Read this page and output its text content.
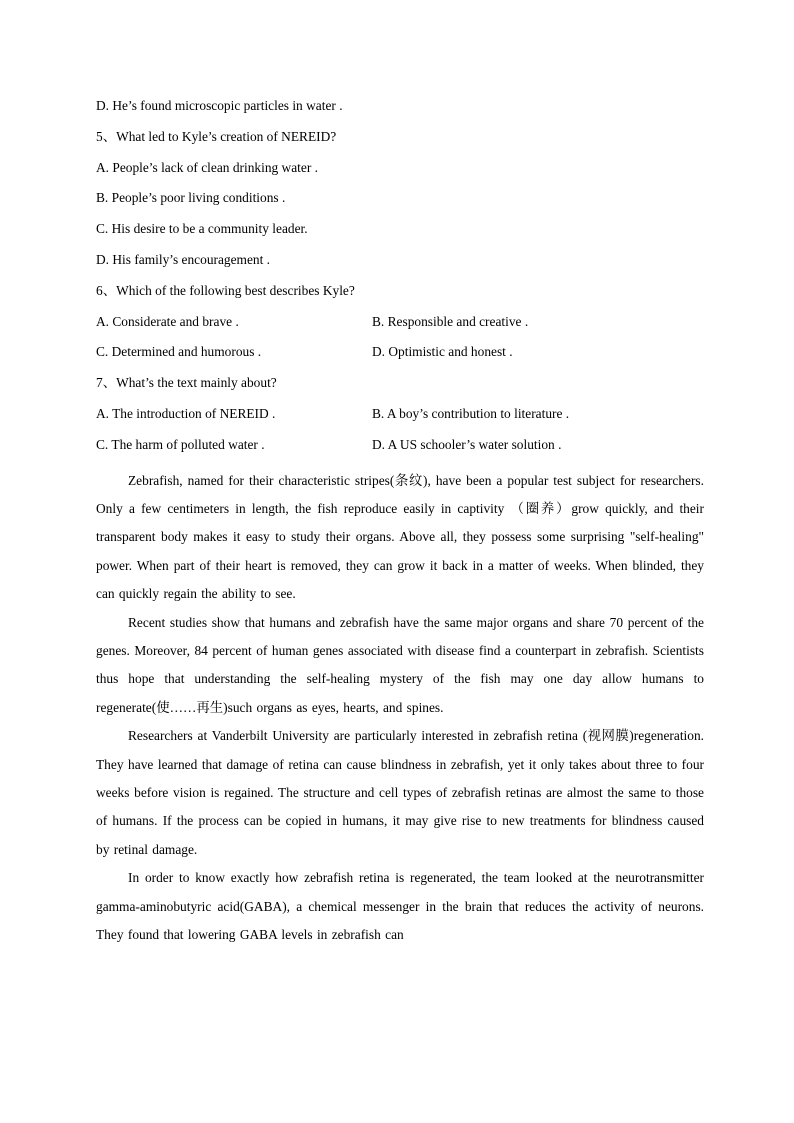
D. He’s found microscopic particles in water .
5、What led to Kyle’s creation of NEREID?
A. People’s lack of clean drinking water .
B. People’s poor living conditions .
C. His desire to be a community leader.
D. His family’s encouragement .
6、Which of the following best describes Kyle?
A. Considerate and brave .	B. Responsible and creative .
C. Determined and humorous .	D. Optimistic and honest .
7、What’s the text mainly about?
A. The introduction of NEREID .	B. A boy’s contribution to literature .
C. The harm of polluted water .	D. A US schooler’s water solution .

Zebrafish, named for their characteristic stripes(条纹), have been a popular test subject for researchers. Only a few centimeters in length, the fish reproduce easily in captivity （圈养）grow quickly, and their transparent body makes it easy to study their organs. Above all, they possess some surprising "self-healing" power. When part of their heart is removed, they can grow it back in a matter of weeks. When blinded, they can quickly regain the ability to see.

Recent studies show that humans and zebrafish have the same major organs and share 70 percent of the genes. Moreover, 84 percent of human genes associated with disease find a counterpart in zebrafish. Scientists thus hope that understanding the self-healing mystery of the fish may one day allow humans to regenerate(使……再生)such organs as eyes, hearts, and spines.

Researchers at Vanderbilt University are particularly interested in zebrafish retina (视网膜)regeneration. They have learned that damage of retina can cause blindness in zebrafish, yet it only takes about three to four weeks before vision is regained. The structure and cell types of zebrafish retinas are almost the same to those of humans. If the process can be copied in humans, it may give rise to new treatments for blindness caused by retinal damage.

In order to know exactly how zebrafish retina is regenerated, the team looked at the neurotransmitter gamma-aminobutyric acid(GABA), a chemical messenger in the brain that reduces the activity of neurons. They found that lowering GABA levels in zebrafish can
